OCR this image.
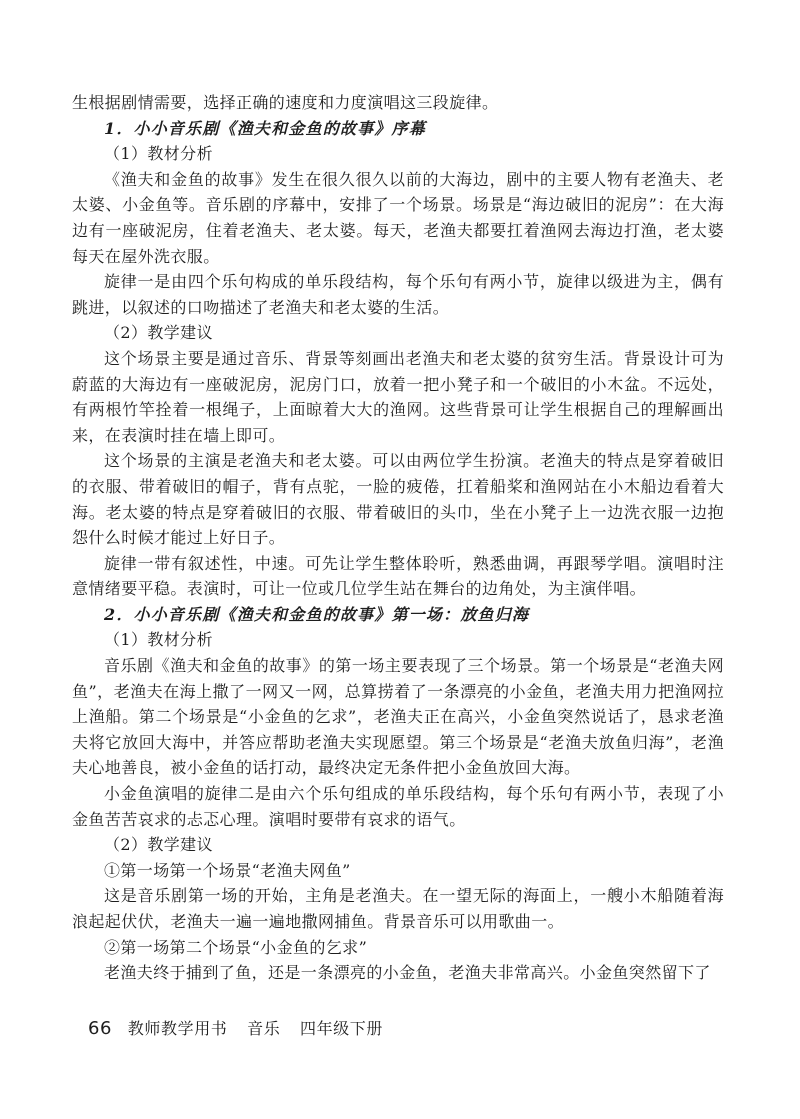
生根据剧情需要，选择正确的速度和力度演唱这三段旋律。

1．小小音乐剧《渔夫和金鱼的故事》序幕

（1）教材分析

《渔夫和金鱼的故事》发生在很久很久以前的大海边，剧中的主要人物有老渔夫、老太婆、小金鱼等。音乐剧的序幕中，安排了一个场景。场景是“海边破旧的泥房”：在大海边有一座破泥房，住着老渔夫、老太婆。每天，老渔夫都要扛着渔网去海边打渔，老太婆每天在屋外洗衣服。

旋律一是由四个乐句构成的单乐段结构，每个乐句有两小节，旋律以级进为主，偶有跳进，以叙述的口吻描述了老渔夫和老太婆的生活。

（2）教学建议

这个场景主要是通过音乐、背景等刻画出老渔夫和老太婆的贫穷生活。背景设计可为蔚蓝的大海边有一座破泥房，泥房门口，放着一把小凳子和一个破旧的小木盆。不远处，有两根竹竿拴着一根绳子，上面晾着大大的渔网。这些背景可让学生根据自己的理解画出来，在表演时挂在墙上即可。

这个场景的主演是老渔夫和老太婆。可以由两位学生扮演。老渔夫的特点是穿着破旧的衣服、带着破旧的帽子，背有点驼，一脸的疲倦，扛着船桨和渔网站在小木船边看着大海。老太婆的特点是穿着破旧的衣服、带着破旧的头巾，坐在小凳子上一边洗衣服一边抱怨什么时候才能过上好日子。

旋律一带有叙述性，中速。可先让学生整体聆听，熟悉曲调，再跟琴学唱。演唱时注意情绪要平稳。表演时，可让一位或几位学生站在舞台的边角处，为主演伴唱。

2．小小音乐剧《渔夫和金鱼的故事》第一场：放鱼归海

（1）教材分析

音乐剧《渔夫和金鱼的故事》的第一场主要表现了三个场景。第一个场景是“老渔夫网鱼”，老渔夫在海上撒了一网又一网，总算捞着了一条漂亮的小金鱼，老渔夫用力把渔网拉上渔船。第二个场景是“小金鱼的乞求”，老渔夫正在高兴，小金鱼突然说话了，恳求老渔夫将它放回大海中，并答应帮助老渔夫实现愿望。第三个场景是“老渔夫放鱼归海”，老渔夫心地善良，被小金鱼的话打动，最终决定无条件把小金鱼放回大海。

小金鱼演唱的旋律二是由六个乐句组成的单乐段结构，每个乐句有两小节，表现了小金鱼苦苦哀求的忐忑心理。演唱时要带有哀求的语气。

（2）教学建议

①第一场第一个场景“老渔夫网鱼”

这是音乐剧第一场的开始，主角是老渔夫。在一望无际的海面上，一艘小木船随着海浪起起伏伏，老渔夫一遍一遍地撒网捕鱼。背景音乐可以用歌曲一。

②第一场第二个场景“小金鱼的乞求”

老渔夫终于捕到了鱼，还是一条漂亮的小金鱼，老渔夫非常高兴。小金鱼突然留下了

66 教师教学用书 音乐 四年级下册
